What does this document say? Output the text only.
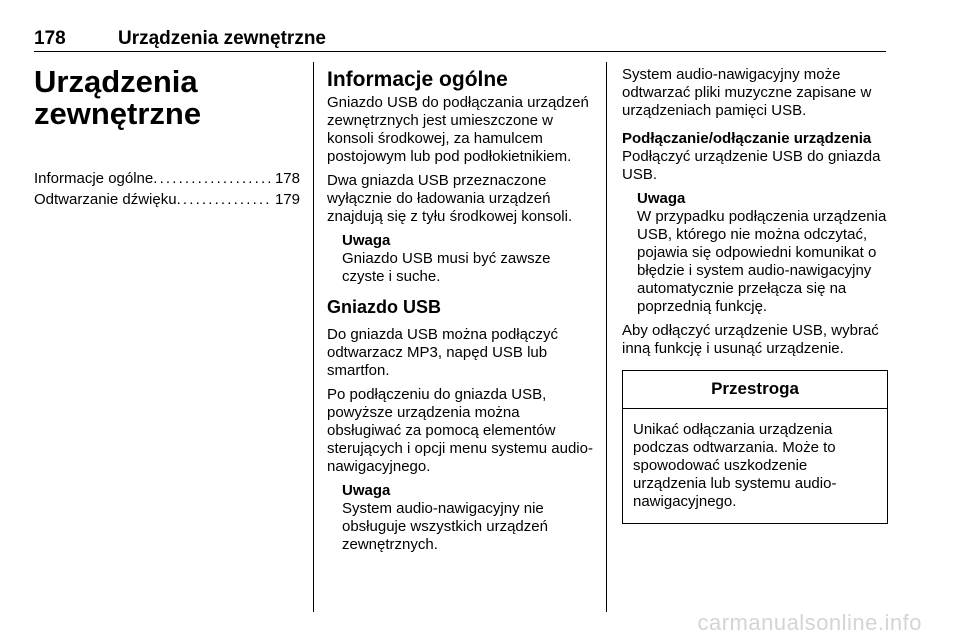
178	Urządzenia zewnętrzne
Urządzenia
zewnętrzne
Informacje ogólne . . .	178
Odtwarzanie dźwięku . . .	179
Informacje ogólne

Gniazdo USB do podłączania urządzeń zewnętrznych jest umieszczone w konsoli środkowej, za hamulcem postojowym lub pod podłokietnikiem.

Dwa gniazda USB przeznaczone wyłącznie do ładowania urządzeń znajdują się z tyłu środkowej konsoli.

Uwaga
Gniazdo USB musi być zawsze czyste i suche.
Gniazdo USB

Do gniazda USB można podłączyć odtwarzacz MP3, napęd USB lub smartfon.

Po podłączeniu do gniazda USB, powyższe urządzenia można obsługiwać za pomocą elementów sterujących i opcji menu systemu audio-nawigacyjnego.

Uwaga
System audio-nawigacyjny nie obsługuje wszystkich urządzeń zewnętrznych.

System audio-nawigacyjny może odtwarzać pliki muzyczne zapisane w urządzeniach pamięci USB.

Podłączanie/odłączanie urządzenia

Podłączyć urządzenie USB do gniazda USB.

Uwaga
W przypadku podłączenia urządzenia USB, którego nie można odczytać, pojawia się odpowiedni komunikat o błędzie i system audio-nawigacyjny automatycznie przełącza się na poprzednią funkcję.

Aby odłączyć urządzenie USB, wybrać inną funkcję i usunąć urządzenie.

Przestroga
Unikać odłączania urządzenia podczas odtwarzania. Może to spowodować uszkodzenie urządzenia lub systemu audio-nawigacyjnego.
carmanualsonline.info
